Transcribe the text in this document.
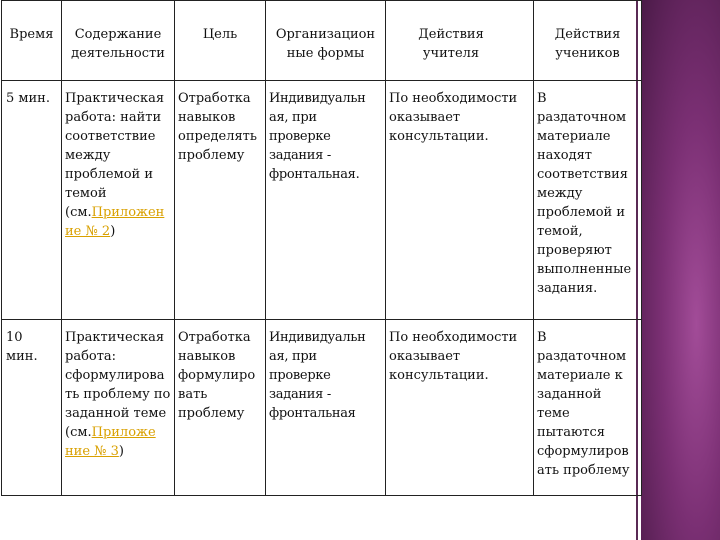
Время	Содержание деятельности	Цель	Организацион ные формы	Действия учителя	Действия учеников
5 мин.	Практическая работа: найти соответствие между проблемой и темой (см.Приложение № 2)	Отработка навыков определять проблему	Индивидуальн ая, при проверке задания - фронтальная.	По необходимости оказывает консультации.	В раздаточном материале находят соответствия между проблемой и темой, проверяют выполненные задания.
10 мин.	Практическая работа: сформулирова ть проблему по заданной теме (см.Приложе ние № 3)	Отработка навыков формулиро вать проблему	Индивидуальн ая, при проверке задания - фронтальная	По необходимости оказывает консультации.	В раздаточном материале к заданной теме пытаются сформулиров ать проблему
